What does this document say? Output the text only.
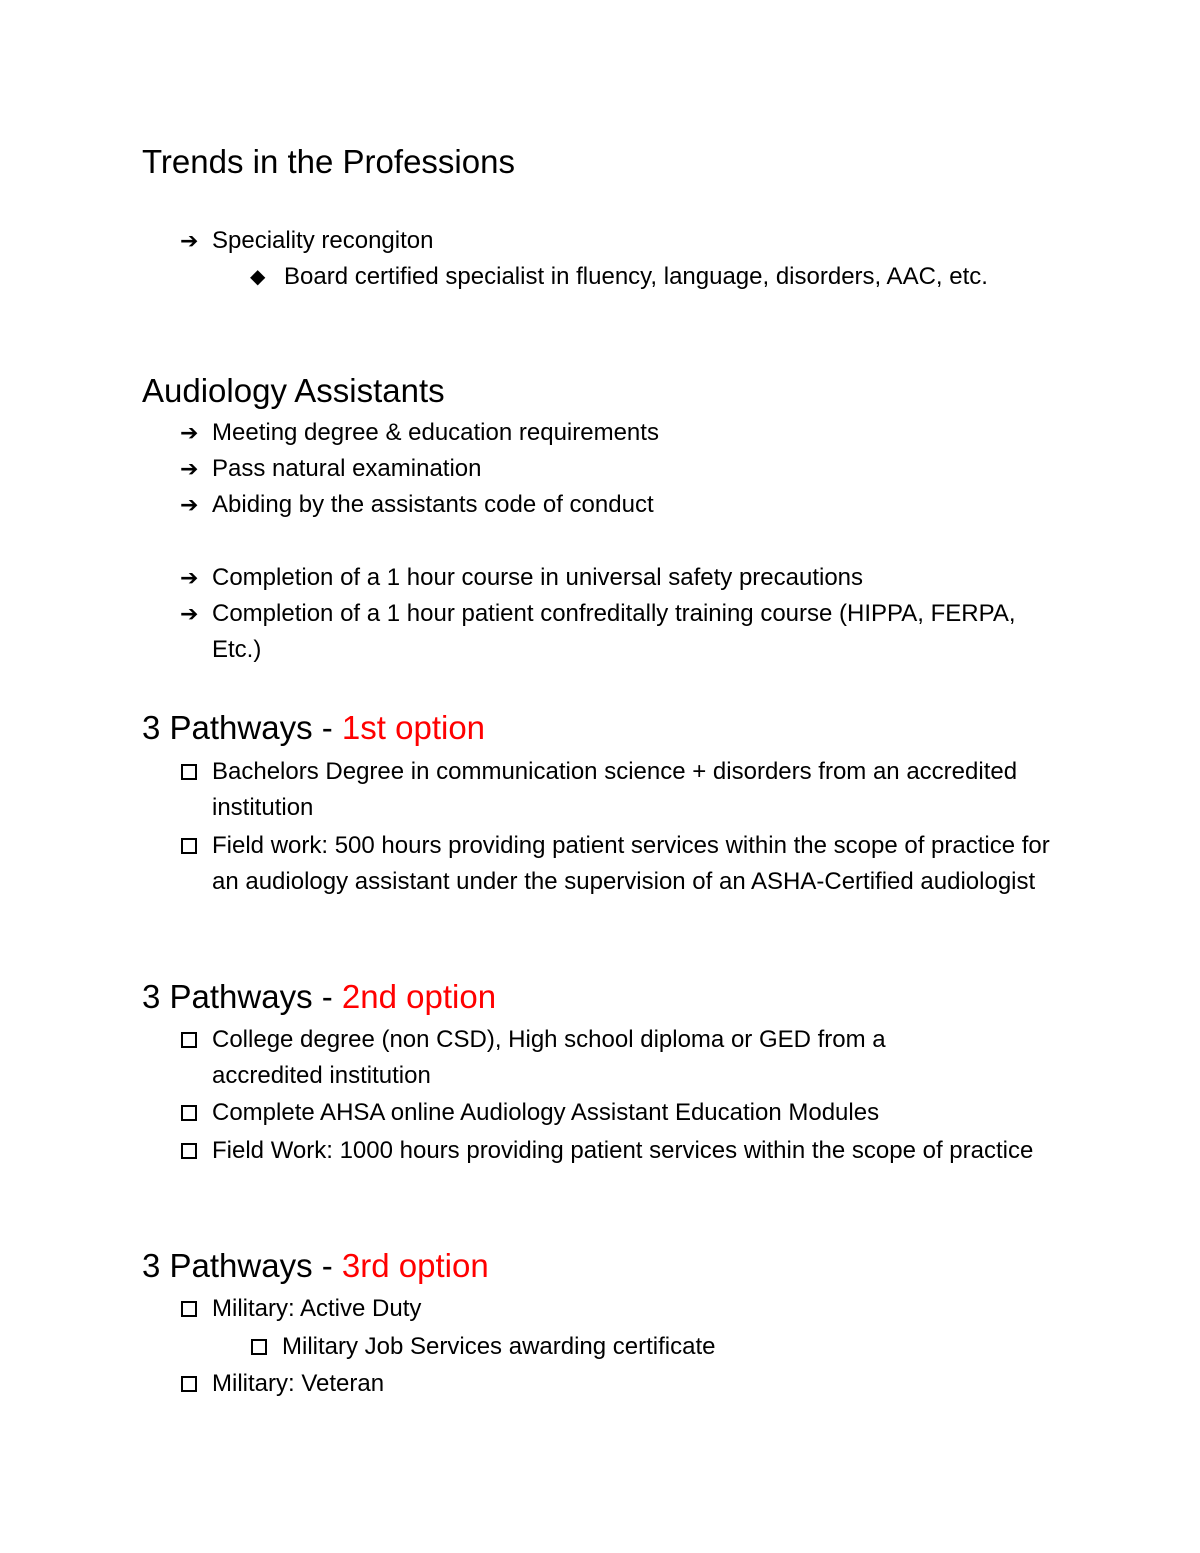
Trends in the Professions
➔ Speciality recongiton
◆ Board certified specialist in fluency, language, disorders, AAC, etc.
Audiology Assistants
➔ Meeting degree & education requirements
➔ Pass natural examination
➔ Abiding by the assistants code of conduct
➔ Completion of a 1 hour course in universal safety precautions
➔ Completion of a 1 hour patient confreditally training course (HIPPA, FERPA, Etc.)
3 Pathways - 1st option
Bachelors Degree in communication science + disorders from an accredited institution
Field work: 500 hours providing patient services within the scope of practice for an audiology assistant under the supervision of an ASHA-Certified audiologist
3 Pathways - 2nd option
College degree (non CSD), High school diploma or GED from a accredited institution
Complete AHSA online Audiology Assistant Education Modules
Field Work: 1000 hours providing patient services within the scope of practice
3 Pathways - 3rd option
Military: Active Duty
Military Job Services awarding certificate
Military: Veteran
